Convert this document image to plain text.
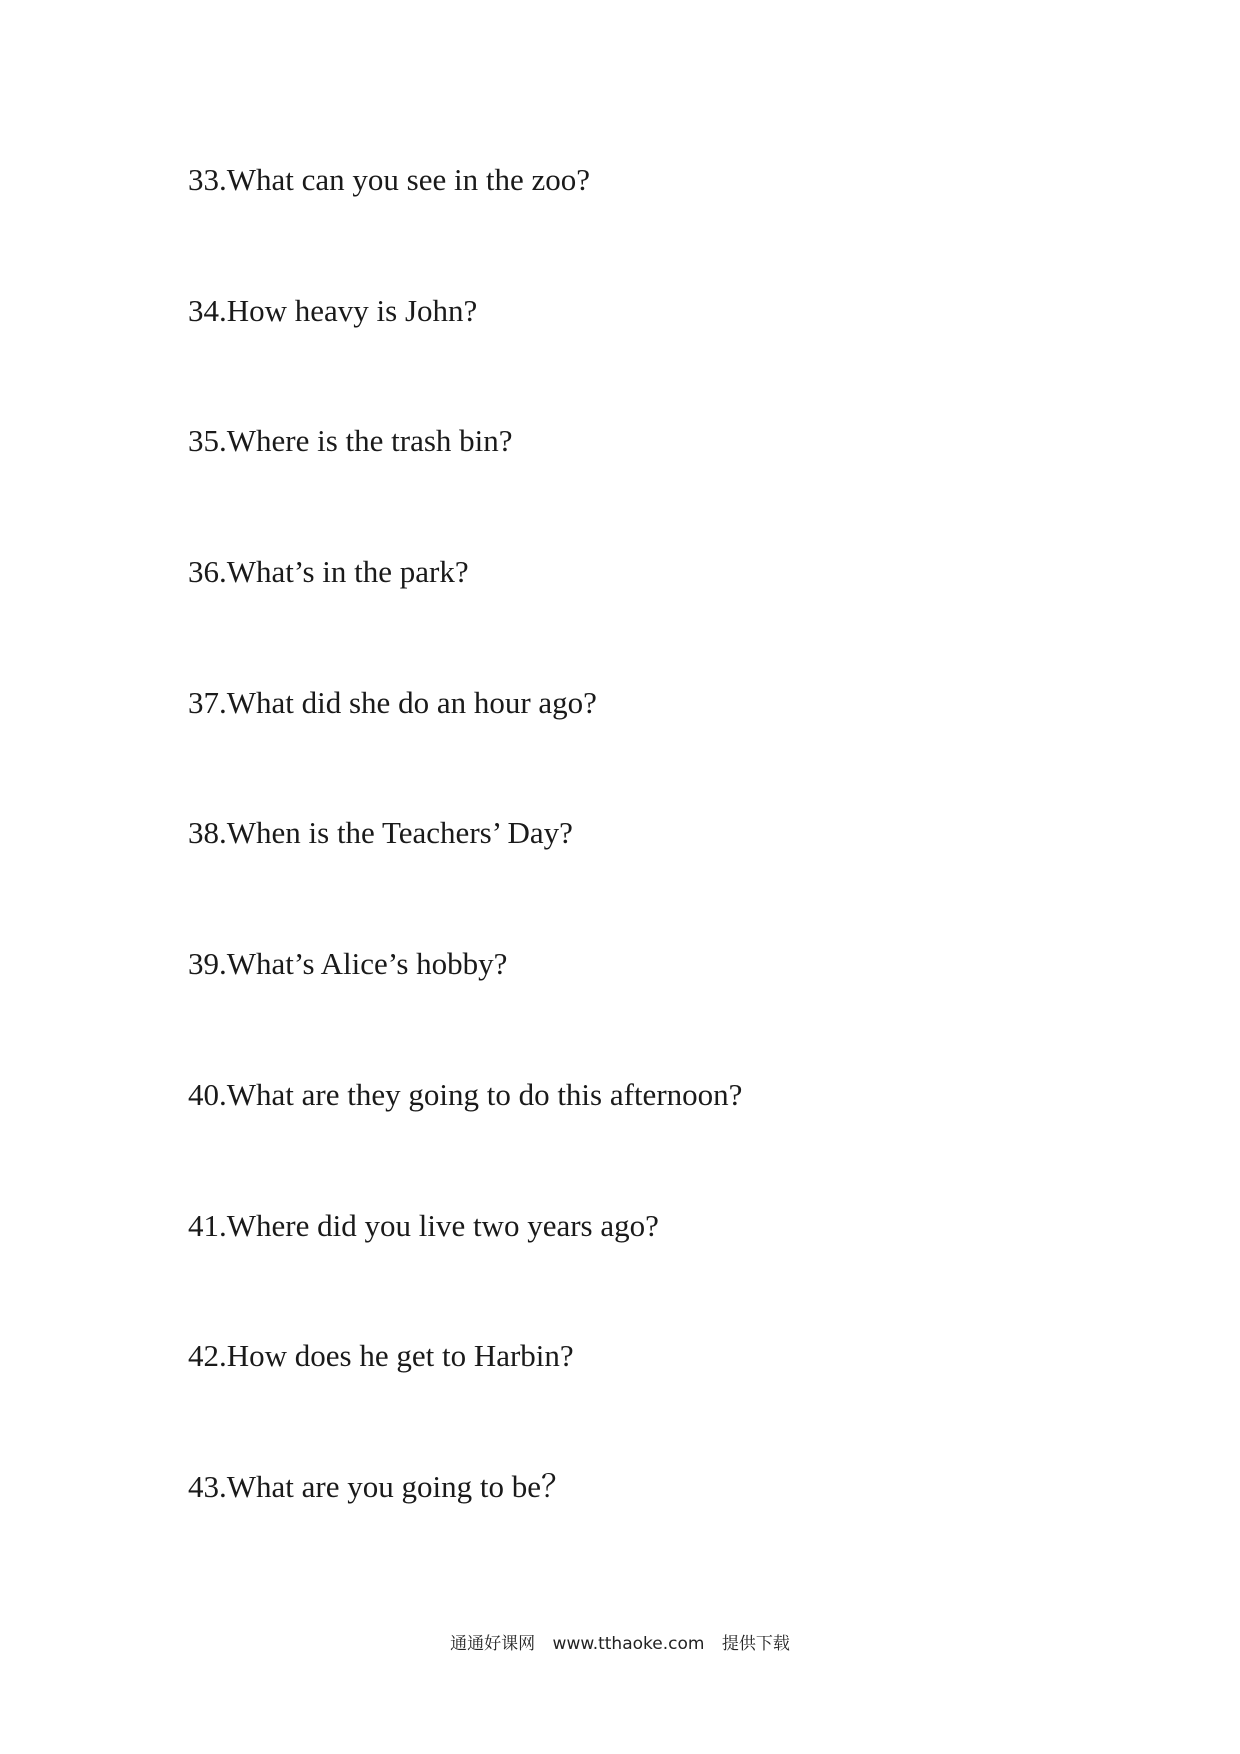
33.What can you see in the zoo?
34.How heavy is John?
35.Where is the trash bin?
36.What’s in the park?
37.What did she do an hour ago?
38.When is the Teachers’ Day?
39.What’s Alice’s hobby?
40.What are they going to do this afternoon?
41.Where did you live two years ago?
42.How does he get to Harbin?
43.What are you going to be？
通通好课网 www.tthaoke.com 提供下载
